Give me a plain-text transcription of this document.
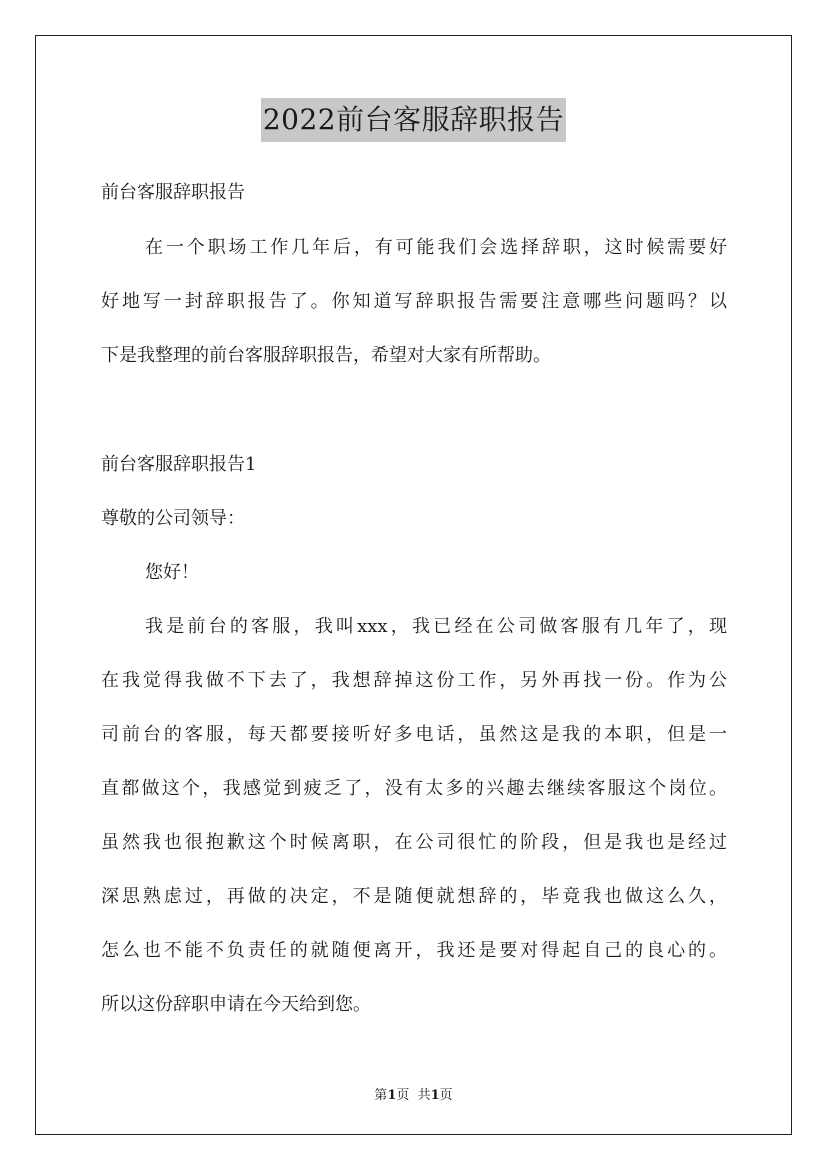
2022前台客服辞职报告
前台客服辞职报告
在一个职场工作几年后，有可能我们会选择辞职，这时候需要好
好地写一封辞职报告了。你知道写辞职报告需要注意哪些问题吗？以
下是我整理的前台客服辞职报告，希望对大家有所帮助。
前台客服辞职报告1
尊敬的公司领导：
您好！
我是前台的客服，我叫xxx，我已经在公司做客服有几年了，现
在我觉得我做不下去了，我想辞掉这份工作，另外再找一份。作为公
司前台的客服，每天都要接听好多电话，虽然这是我的本职，但是一
直都做这个，我感觉到疲乏了，没有太多的兴趣去继续客服这个岗位。
虽然我也很抱歉这个时候离职，在公司很忙的阶段，但是我也是经过
深思熟虑过，再做的决定，不是随便就想辞的，毕竟我也做这么久，
怎么也不能不负责任的就随便离开，我还是要对得起自己的良心的。
所以这份辞职申请在今天给到您。
第1页  共1页
